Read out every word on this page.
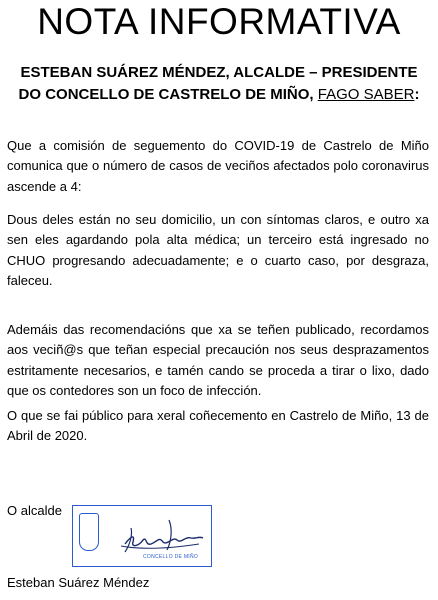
NOTA INFORMATIVA
ESTEBAN SUÁREZ MÉNDEZ, ALCALDE – PRESIDENTE
DO CONCELLO DE CASTRELO DE MIÑO, FAGO SABER:
Que a comisión de seguemento do COVID-19 de Castrelo de Miño comunica que o número de casos de veciños afectados polo coronavirus ascende a 4:
Dous deles están no seu domicilio, un con síntomas claros, e outro xa sen eles agardando pola alta médica; un terceiro está ingresado no CHUO progresando adecuadamente; e o cuarto caso, por desgraza, faleceu.
Ademáis das recomendacións que xa se teñen publicado, recordamos aos veciñ@s que teñan especial precaución nos seus desprazamentos estritamente necesarios, e tamén cando se proceda a tirar o lixo, dado que os contedores son un foco de infección.
O que se fai público para xeral coñecemento en Castrelo de Miño, 13 de Abril de 2020.
O alcalde
CONCELLO DE MIÑO
Esteban Suárez Méndez
